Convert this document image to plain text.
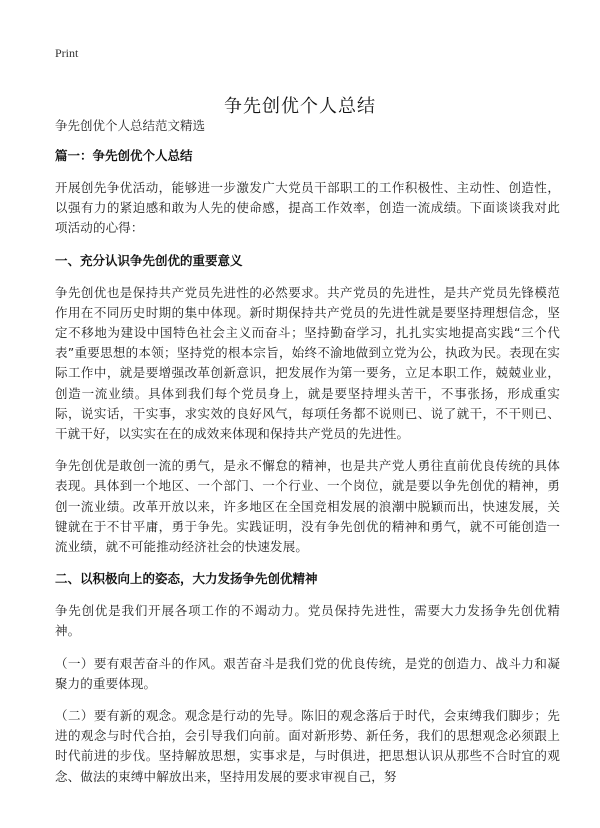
Print
争先创优个人总结

争先创优个人总结范文精选

篇一：争先创优个人总结

开展创先争优活动，能够进一步激发广大党员干部职工的工作积极性、主动性、创造性，以强有力的紧迫感和敢为人先的使命感，提高工作效率，创造一流成绩。下面谈谈我对此项活动的心得：

一、充分认识争先创优的重要意义

争先创优也是保持共产党员先进性的必然要求。共产党员的先进性，是共产党员先锋模范作用在不同历史时期的集中体现。新时期保持共产党员的先进性就是要坚持理想信念，坚定不移地为建设中国特色社会主义而奋斗；坚持勤奋学习，扎扎实实地提高实践“三个代表”重要思想的本领；坚持党的根本宗旨，始终不渝地做到立党为公，执政为民。表现在实际工作中，就是要增强改革创新意识，把发展作为第一要务，立足本职工作，兢兢业业，创造一流业绩。具体到我们每个党员身上，就是要坚持埋头苦干，不事张扬，形成重实际，说实话，干实事，求实效的良好风气，每项任务都不说则已、说了就干，不干则已、干就干好，以实实在在的成效来体现和保持共产党员的先进性。

争先创优是敢创一流的勇气，是永不懈怠的精神，也是共产党人勇往直前优良传统的具体表现。具体到一个地区、一个部门、一个行业、一个岗位，就是要以争先创优的精神，勇创一流业绩。改革开放以来，许多地区在全国竞相发展的浪潮中脱颖而出，快速发展，关键就在于不甘平庸，勇于争先。实践证明，没有争先创优的精神和勇气，就不可能创造一流业绩，就不可能推动经济社会的快速发展。

二、以积极向上的姿态，大力发扬争先创优精神

争先创优是我们开展各项工作的不竭动力。党员保持先进性，需要大力发扬争先创优精神。

（一）要有艰苦奋斗的作风。艰苦奋斗是我们党的优良传统，是党的创造力、战斗力和凝聚力的重要体现。

（二）要有新的观念。观念是行动的先导。陈旧的观念落后于时代，会束缚我们脚步；先进的观念与时代合拍，会引导我们向前。面对新形势、新任务，我们的思想观念必须跟上时代前进的步伐。坚持解放思想，实事求是，与时俱进，把思想认识从那些不合时宜的观念、做法的束缚中解放出来，坚持用发展的要求审视自己，努
